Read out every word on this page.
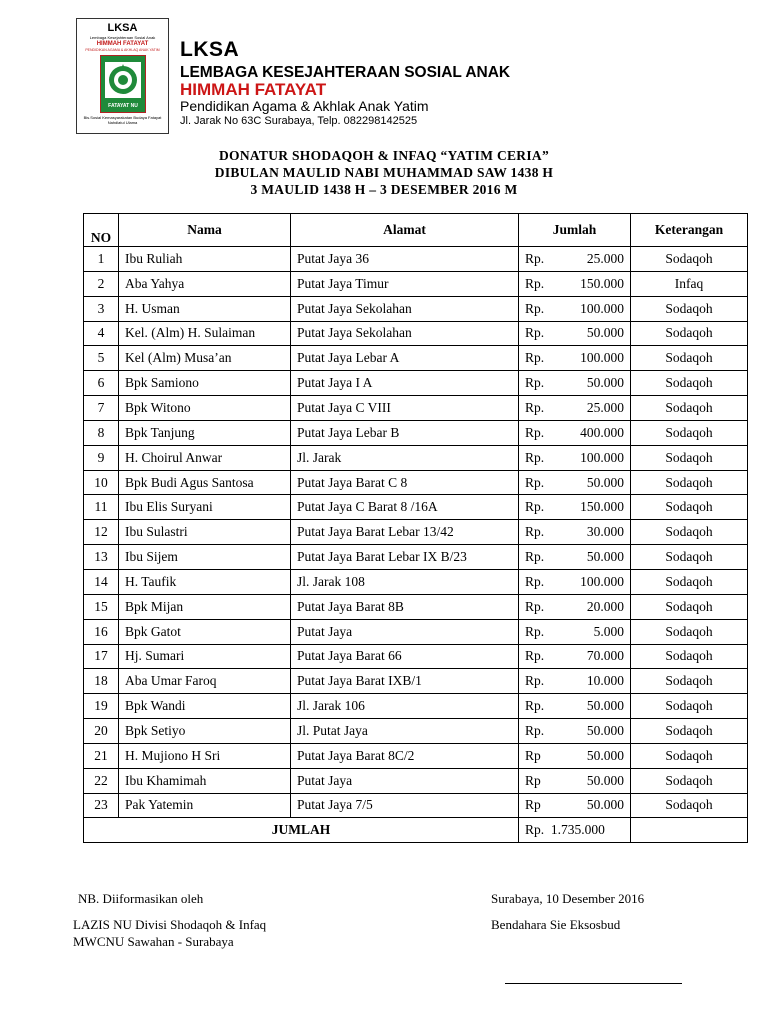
LKSA
Lembaga Kesejahteraan Sosial Anak
HIMMAH FATAYAT
PENDIDIKAN AGAMA & AKHLAQ ANAK YATIM
FATAYAT NU
Bis.Sosial Kemasyarakatan Budaya Fatayat Nahdlatul Ulama
LKSA
LEMBAGA KESEJAHTERAAN SOSIAL ANAK
HIMMAH FATAYAT
Pendidikan Agama & Akhlak Anak Yatim
Jl. Jarak No 63C Surabaya, Telp. 082298142525
DONATUR SHODAQOH & INFAQ “YATIM CERIA”
DIBULAN MAULID NABI MUHAMMAD SAW 1438 H
3 MAULID 1438 H – 3 DESEMBER 2016 M
NO	Nama	Alamat	Jumlah	Keterangan
1	Ibu Ruliah	Putat Jaya 36	Rp. 25.000	Sodaqoh
2	Aba Yahya	Putat Jaya Timur	Rp. 150.000	Infaq
3	H. Usman	Putat Jaya Sekolahan	Rp. 100.000	Sodaqoh
4	Kel. (Alm) H. Sulaiman	Putat Jaya Sekolahan	Rp. 50.000	Sodaqoh
5	Kel (Alm) Musa’an	Putat Jaya Lebar A	Rp. 100.000	Sodaqoh
6	Bpk Samiono	Putat Jaya I A	Rp. 50.000	Sodaqoh
7	Bpk Witono	Putat Jaya C VIII	Rp. 25.000	Sodaqoh
8	Bpk Tanjung	Putat Jaya Lebar B	Rp. 400.000	Sodaqoh
9	H. Choirul Anwar	Jl. Jarak	Rp. 100.000	Sodaqoh
10	Bpk Budi Agus Santosa	Putat Jaya Barat C 8	Rp. 50.000	Sodaqoh
11	Ibu Elis Suryani	Putat Jaya C Barat 8 /16A	Rp. 150.000	Sodaqoh
12	Ibu Sulastri	Putat Jaya Barat Lebar 13/42	Rp. 30.000	Sodaqoh
13	Ibu Sijem	Putat Jaya Barat Lebar IX B/23	Rp. 50.000	Sodaqoh
14	H. Taufik	Jl. Jarak 108	Rp. 100.000	Sodaqoh
15	Bpk Mijan	Putat Jaya Barat 8B	Rp. 20.000	Sodaqoh
16	Bpk Gatot	Putat Jaya	Rp. 5.000	Sodaqoh
17	Hj. Sumari	Putat Jaya Barat 66	Rp. 70.000	Sodaqoh
18	Aba Umar Faroq	Putat Jaya Barat IXB/1	Rp. 10.000	Sodaqoh
19	Bpk Wandi	Jl. Jarak 106	Rp. 50.000	Sodaqoh
20	Bpk Setiyo	Jl. Putat Jaya	Rp. 50.000	Sodaqoh
21	H. Mujiono H Sri	Putat Jaya Barat 8C/2	Rp 50.000	Sodaqoh
22	Ibu Khamimah	Putat Jaya	Rp 50.000	Sodaqoh
23	Pak Yatemin	Putat Jaya 7/5	Rp 50.000	Sodaqoh
JUMLAH			Rp. 1.735.000	
NB. Diiformasikan oleh
LAZIS NU Divisi Shodaqoh & Infaq
MWCNU Sawahan - Surabaya
Surabaya, 10 Desember 2016
Bendahara Sie Eksosbud
